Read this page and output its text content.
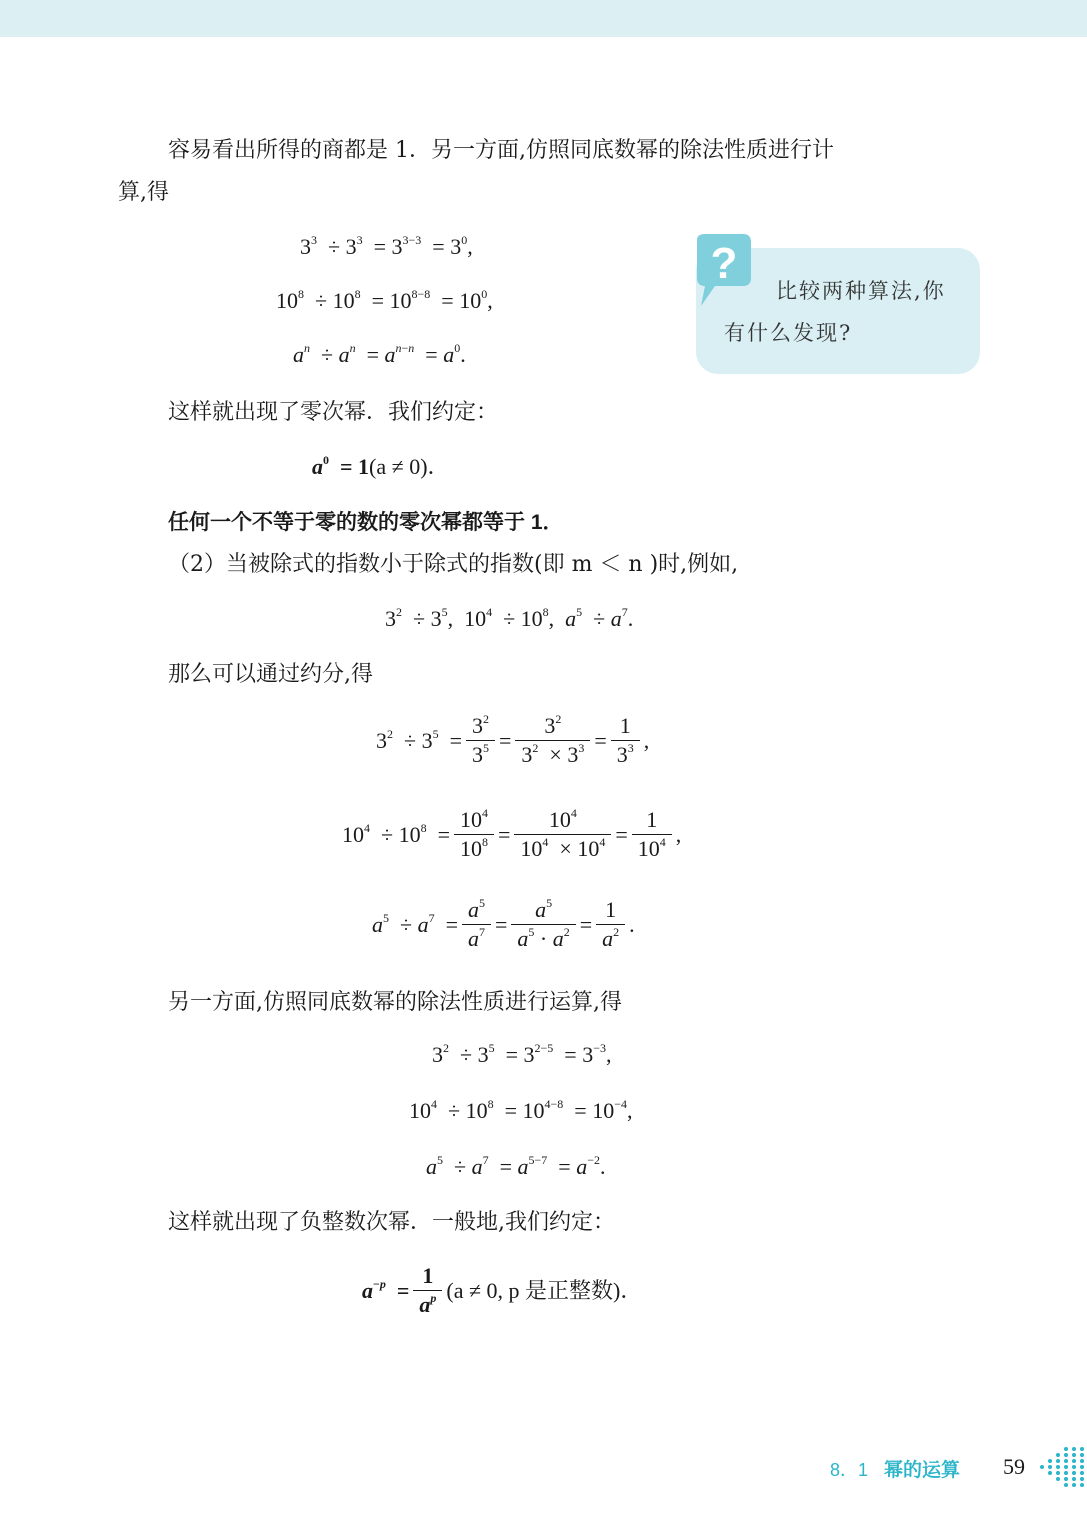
容易看出所得的商都是 1．另一方面,仿照同底数幂的除法性质进行计
算,得
$3^3 \div 3^3 = 3^{3-3} = 3^0$,
$10^8 \div 10^8 = 10^{8-8} = 10^0$,
$a^n \div a^n = a^{n-n} = a^0$.
?
比较两种算法,你
有什么发现?
这样就出现了零次幂．我们约定：
$a^0 = 1(a \ne 0)$．
任何一个不等于零的数的零次幂都等于 1．
（2）当被除式的指数小于除式的指数(即 m ＜ n )时,例如,
$3^2 \div 3^5$,  $10^4 \div 10^8$,  $a^5 \div a^7$.
那么可以通过约分,得
$3^2 \div 3^5 = \frac{3^2}{3^5} = \frac{3^2}{3^2 \times 3^3} = \frac{1}{3^3}$ ,
$10^4 \div 10^8 = \frac{10^4}{10^8} = \frac{10^4}{10^4 \times 10^4} = \frac{1}{10^4}$ ,
$a^5 \div a^7 = \frac{a^5}{a^7} = \frac{a^5}{a^5 \cdot a^2} = \frac{1}{a^2}$ .
另一方面,仿照同底数幂的除法性质进行运算,得
$3^2 \div 3^5 = 3^{2-5} = 3^{-3}$,
$10^4 \div 10^8 = 10^{4-8} = 10^{-4}$,
$a^5 \div a^7 = a^{5-7} = a^{-2}$.
这样就出现了负整数次幂．一般地,我们约定：
$a^{-p} = \frac{1}{a^p} (a \ne 0$, p 是正整数)．
8．1 幂的运算 59
